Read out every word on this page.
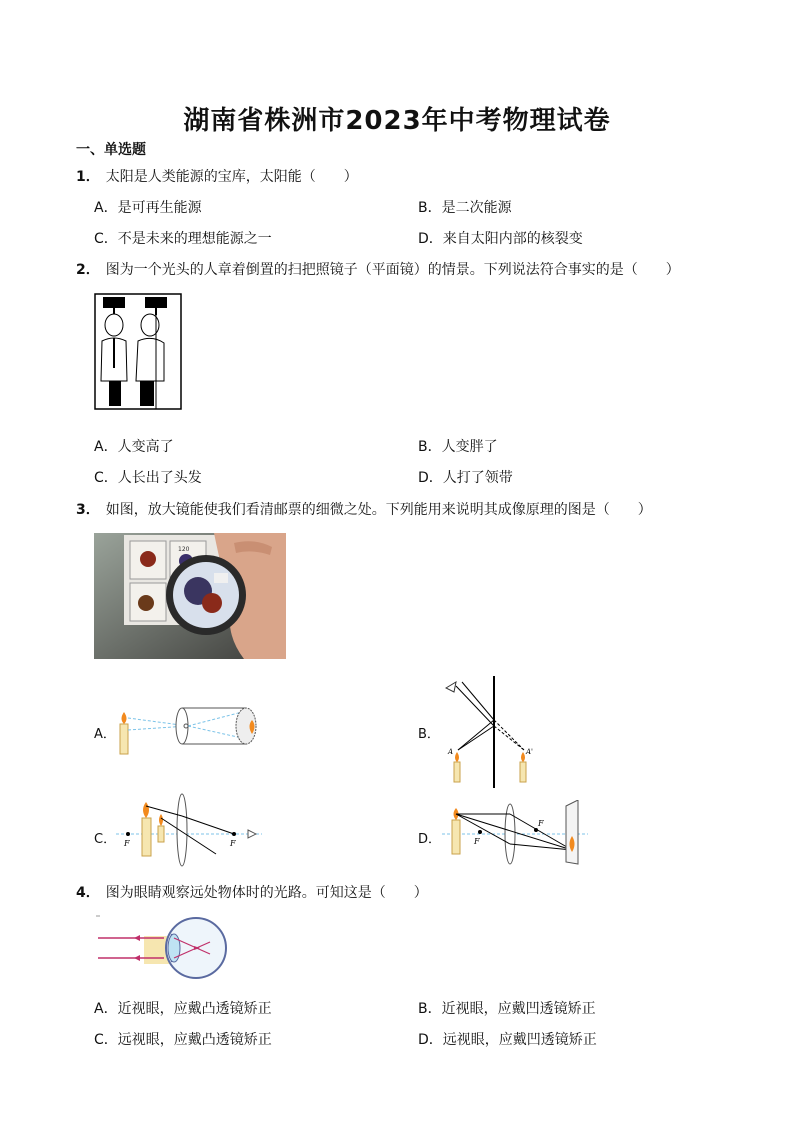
湖南省株洲市2023年中考物理试卷
一、单选题
1． 太阳是人类能源的宝库，太阳能（　　）
A．是可再生能源	B．是二次能源
C．不是未来的理想能源之一	D．来自太阳内部的核裂变
2． 图为一个光头的人章着倒置的扫把照镜子（平面镜）的情景。下列说法符合事实的是（　　）
A．人变高了	B．人变胖了
C．人长出了头发	D．人打了领带
3． 如图，放大镜能使我们看清邮票的细微之处。下列能用来说明其成像原理的图是（　　）
120
A．	B．
A	A'
C． F	F	D．	F
F
4． 图为眼睛观察远处物体时的光路。可知这是（　　）
A．近视眼，应戴凸透镜矫正	B．近视眼，应戴凹透镜矫正
C．远视眼，应戴凸透镜矫正	D．远视眼，应戴凹透镜矫正
